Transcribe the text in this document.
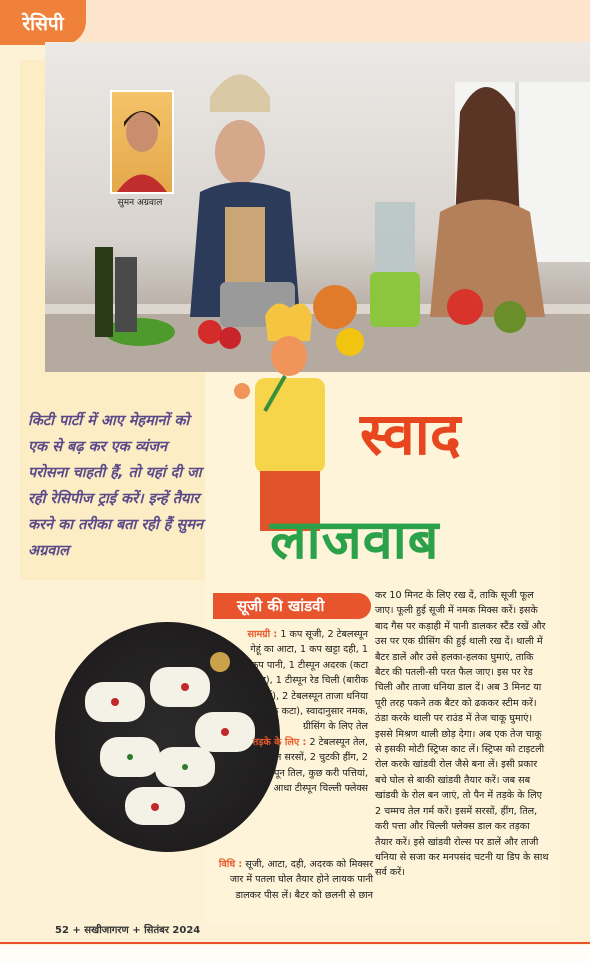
रेसिपी
सुमन अग्रवाल
किटी पार्टी में आए मेहमानों को एक से बढ़ कर एक व्यंजन परोसना चाहती हैं, तो यहां दी जा रही रेसिपीज ट्राई करें। इन्हें तैयार करने का तरीका बता रही हैं सुमन अग्रवाल
स्वाद
लाजवाब
सूजी की खांडवी
सामग्री : 1 कप सूजी, 2 टेबलस्पून गेहूं का आटा, 1 कप खट्टा दही, 1 कप पानी, 1 टीस्पून अदरक (कटा हुआ), 1 टीस्पून रेड चिली (बारीक कटी हुई), 2 टेबलस्पून ताजा धनिया (बारीक कटा), स्वादानुसार नमक, ग्रीसिंग के लिए तेल
तड़के के लिए : 2 टेबलस्पून तेल, 1/2 टीस्पून सरसों, 2 चुटकी हींग, 2 टेबलस्पून तिल, कुछ करी पत्तियां, आधा टीस्पून चिल्ली फ्लेक्स
विधि : सूजी, आटा, दही, अदरक को मिक्सर जार में पतला घोल तैयार होने लायक पानी डालकर पीस लें। बैटर को छलनी से छान
कर 10 मिनट के लिए रख दें, ताकि सूजी फूल जाए। फूली हुई सूजी में नमक मिक्स करें। इसके बाद गैस पर कड़ाही में पानी डालकर स्टैंड रखें और उस पर एक ग्रीसिंग की हुई थाली रख दें। थाली में बैटर डालें और उसे हलका-हलका घुमाएं, ताकि बैटर की पतली-सी परत फैल जाए। इस पर रेड चिली और ताजा धनिया डाल दें। अब 3 मिनट या पूरी तरह पकने तक बैटर को ढककर स्टीम करें। ठंडा करके थाली पर राउंड में तेज चाकू घुमाएं। इससे मिश्रण थाली छोड़ देगा। अब एक तेज चाकू से इसकी मोटी स्ट्रिप्स काट लें। स्ट्रिप्स को टाइटली रोल करके खांडवी रोल जैसे बना लें। इसी प्रकार बचे घोल से बाकी खांडवी तैयार करें। जब सब खांडवी के रोल बन जाएं, तो पैन में तड़के के लिए 2 चम्मच तेल गर्म करें। इसमें सरसों, हींग, तिल, करी पत्ता और चिल्ली फ्लेक्स डाल कर तड़का तैयार करें। इसे खांडवी रोल्स पर डालें और ताजी धनिया से सजा कर मनपसंद चटनी या डिप के साथ सर्व करें।
52 + सखीजागरण + सितंबर 2024
